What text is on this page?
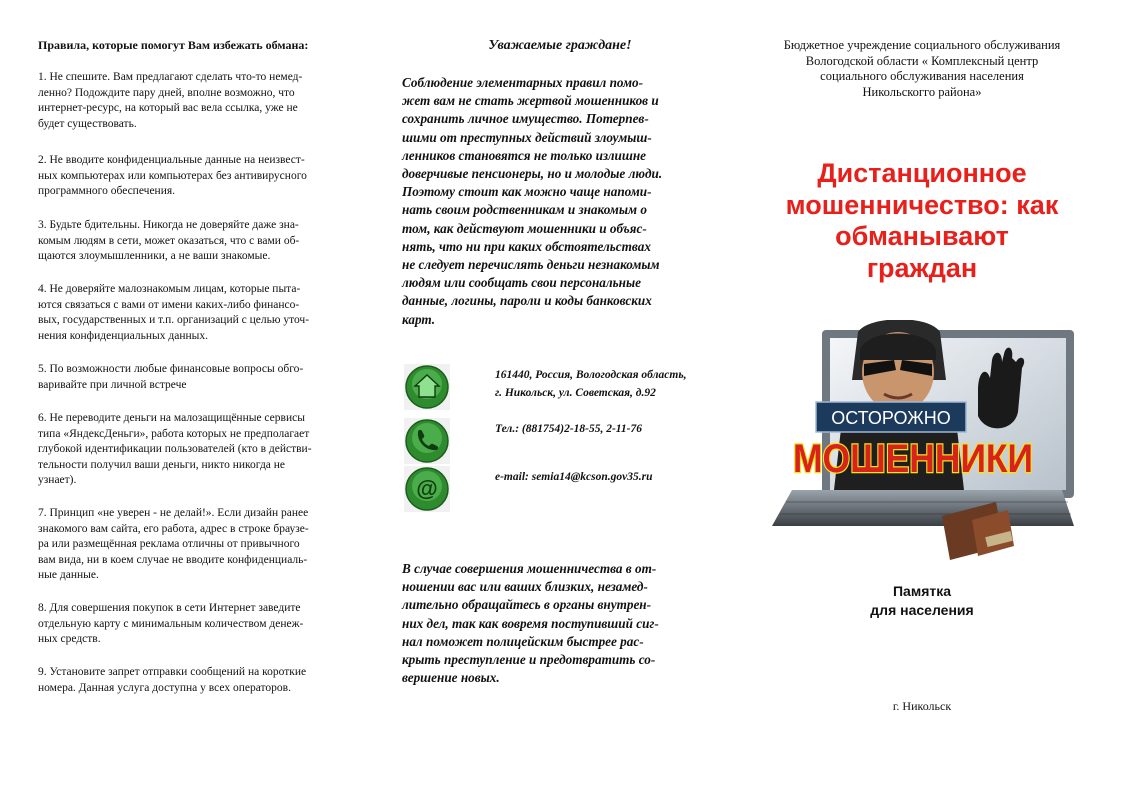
Правила, которые помогут Вам избежать обмана:
1. Не спешите. Вам предлагают сделать что-то немед-
ленно? Подождите пару дней, вполне возможно, что
интернет-ресурс, на который вас вела ссылка, уже не
будет существовать.
2. Не вводите конфиденциальные данные на неизвест-
ных компьютерах или компьютерах без антивирусного
программного обеспечения.
3. Будьте бдительны. Никогда не доверяйте даже зна-
комым людям в сети, может оказаться, что с вами об-
щаются злоумышленники, а не ваши знакомые.
4. Не доверяйте малознакомым лицам, которые пыта-
ются связаться с вами от имени каких-либо финансо-
вых, государственных и т.п. организаций с целью уточ-
нения конфиденциальных данных.
5. По возможности любые финансовые вопросы обго-
варивайте при личной встрече
6. Не переводите деньги на малозащищённые сервисы
типа «ЯндексДеньги», работа которых не предполагает
глубокой идентификации пользователей (кто в действи-
тельности получил ваши деньги, никто никогда не
узнает).
7. Принцип «не уверен - не делай!». Если дизайн ранее
знакомого вам сайта, его работа, адрес в строке браузе-
ра или размещённая реклама отличны от привычного
вам вида, ни в коем случае не вводите конфиденциаль-
ные данные.
8. Для совершения покупок в сети Интернет заведите
отдельную карту с минимальным количеством денеж-
ных средств.
9. Установите запрет отправки сообщений на короткие
номера. Данная услуга доступна у всех операторов.
Уважаемые граждане!
Соблюдение элементарных правил помо-
жет вам не стать жертвой мошенников и
сохранить личное имущество. Потерпев-
шими от преступных действий злоумыш-
ленников становятся не только излишне
доверчивые пенсионеры, но и молодые люди.
Поэтому стоит как можно чаще напоми-
нать своим родственникам и знакомым о
том, как действуют мошенники и объяс-
нять, что ни при каких обстоятельствах
не следует перечислять деньги незнакомым
людям или сообщать свои персональные
данные, логины, пароли и коды банковских
карт.
161440, Россия, Вологодская область,
г. Никольск, ул. Советская, д.92
Тел.: (881754)2-18-55, 2-11-76
@	e-mail: semia14@kcson.gov35.ru
В случае совершения мошенничества в от-
ношении вас или ваших близких, незамед-
лительно обращайтесь в органы внутрен-
них дел, так как вовремя поступивший сиг-
нал поможет полицейским быстрее рас-
крыть преступление и предотвратить со-
вершение новых.
Бюджетное учреждение социального обслуживания
Вологодской области « Комплексный центр
социального обслуживания населения
Никольскогго района»
Дистанционное
мошенничество: как
обманывают
граждан
ОСТОРОЖНО
МОШЕННИКИ
Памятка
для населения
г. Никольск
